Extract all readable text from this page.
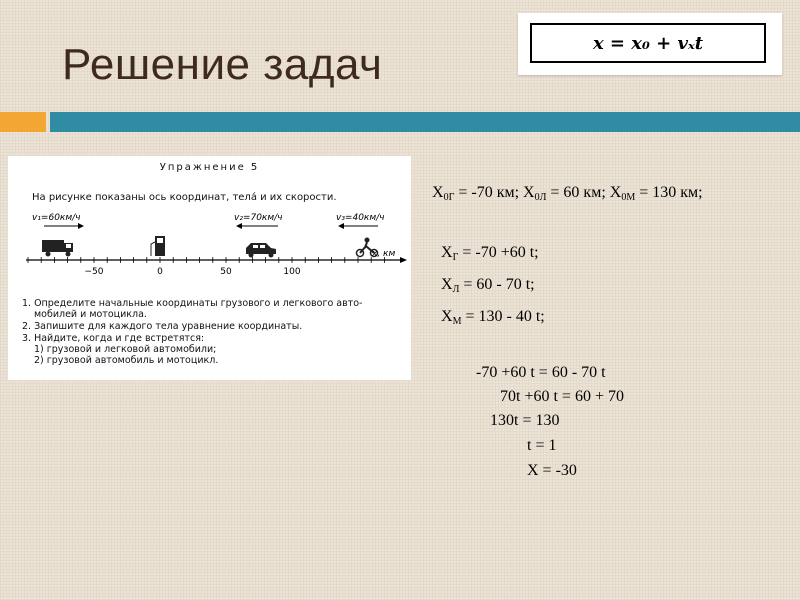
Решение задач	x = x₀ + vₓt
Упражнение 5
На рисунке показаны ось координат, тела́ и их скорости.
v₁=60км/ч	v₂=70км/ч	v₃=40км/ч
x, км
−50	0	50	100
1. Определите начальные координаты грузового и легкового авто-
мобилей и мотоцикла.
2. Запишите для каждого тела уравнение координаты.
3. Найдите, когда и где встретятся:
1) грузовой и легковой автомобили;
2) грузовой автомобиль и мотоцикл.
$X_{0Г} = -70$ км; $X_{0Л} = 60$ км; $X_{0М} = 130$ км;
$X_Г = -70 +60$ t;
$X_Л = 60 - 70$ t;
$X_М = 130 - 40$ t;
-70 +60 t = 60 - 70 t
70t +60 t = 60 + 70
130t = 130
t = 1
X = -30
